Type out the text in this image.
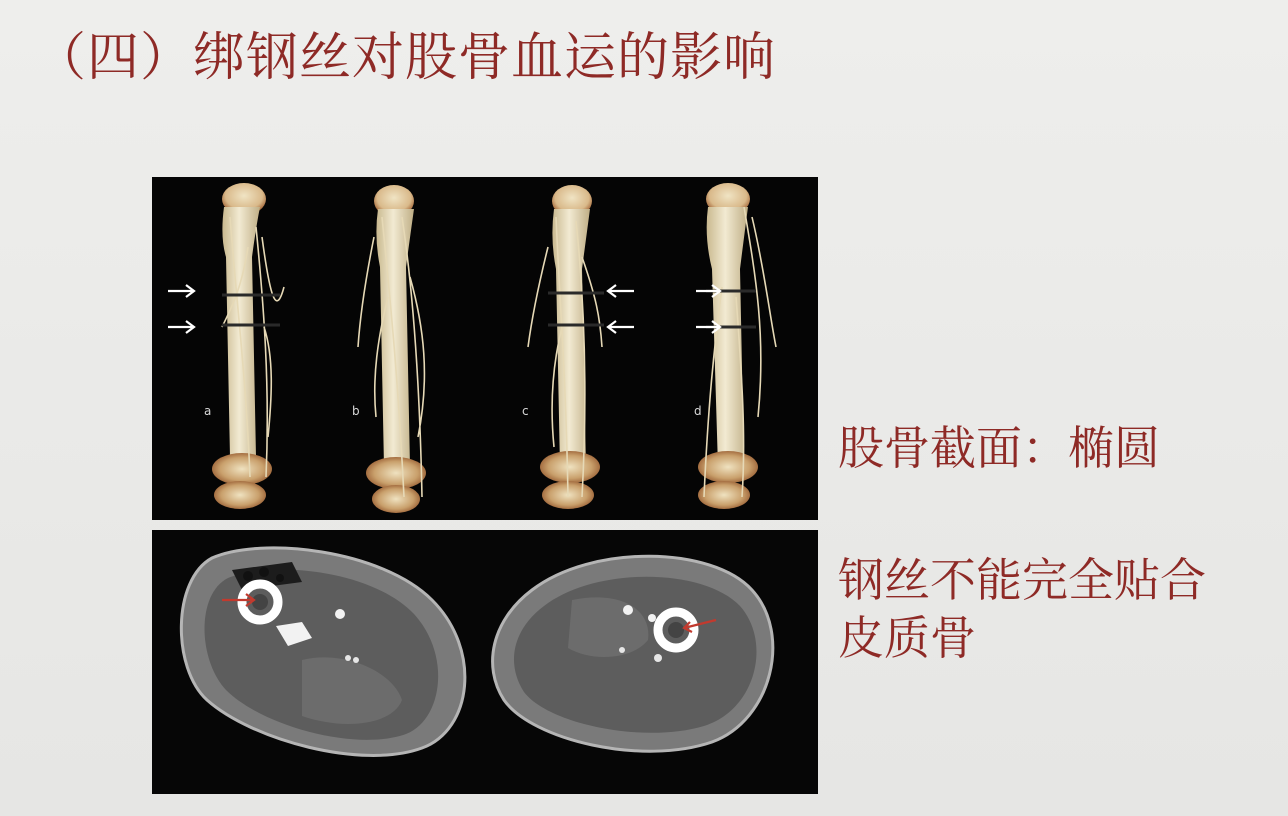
（四）绑钢丝对股骨血运的影响
a	b	c	d
股骨截面：椭圆
钢丝不能完全贴合
皮质骨
